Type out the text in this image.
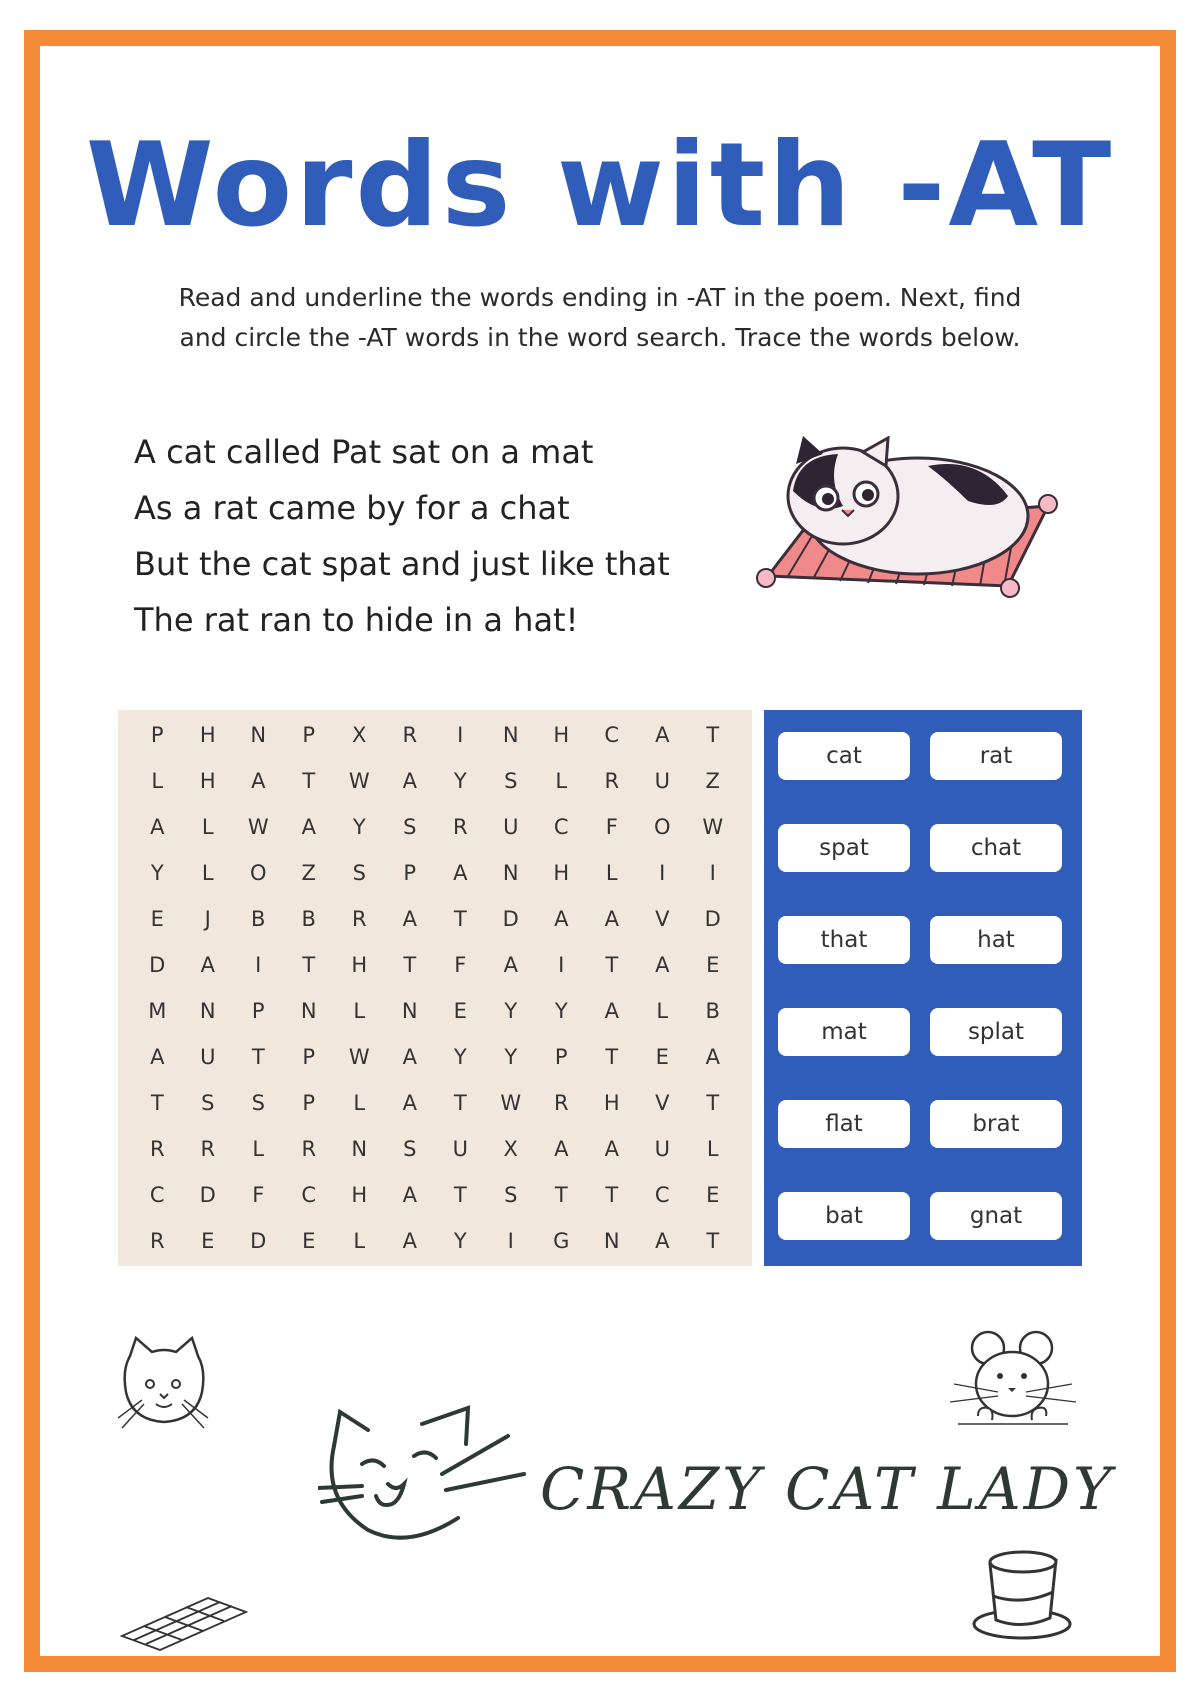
Words with -AT
Read and underline the words ending in -AT in the poem. Next, find
and circle the -AT words in the word search. Trace the words below.
A cat called Pat sat on a mat
As a rat came by for a chat
But the cat spat and just like that
The rat ran to hide in a hat!
P	H	N	P	X	R	I	N	H	C	A	T
L	H	A	T	W	A	Y	S	L	R	U	Z
A	L	W	A	Y	S	R	U	C	F	O	W
Y	L	O	Z	S	P	A	N	H	L	I	I
E	J	B	B	R	A	T	D	A	A	V	D
D	A	I	T	H	T	F	A	I	T	A	E
M	N	P	N	L	N	E	Y	Y	A	L	B
A	U	T	P	W	A	Y	Y	P	T	E	A
T	S	S	P	L	A	T	W	R	H	V	T
R	R	L	R	N	S	U	X	A	A	U	L
C	D	F	C	H	A	T	S	T	T	C	E
R	E	D	E	L	A	Y	I	G	N	A	T
cat	rat
spat	chat
that	hat
mat	splat
flat	brat
bat	gnat
CRAZY CAT LADY
